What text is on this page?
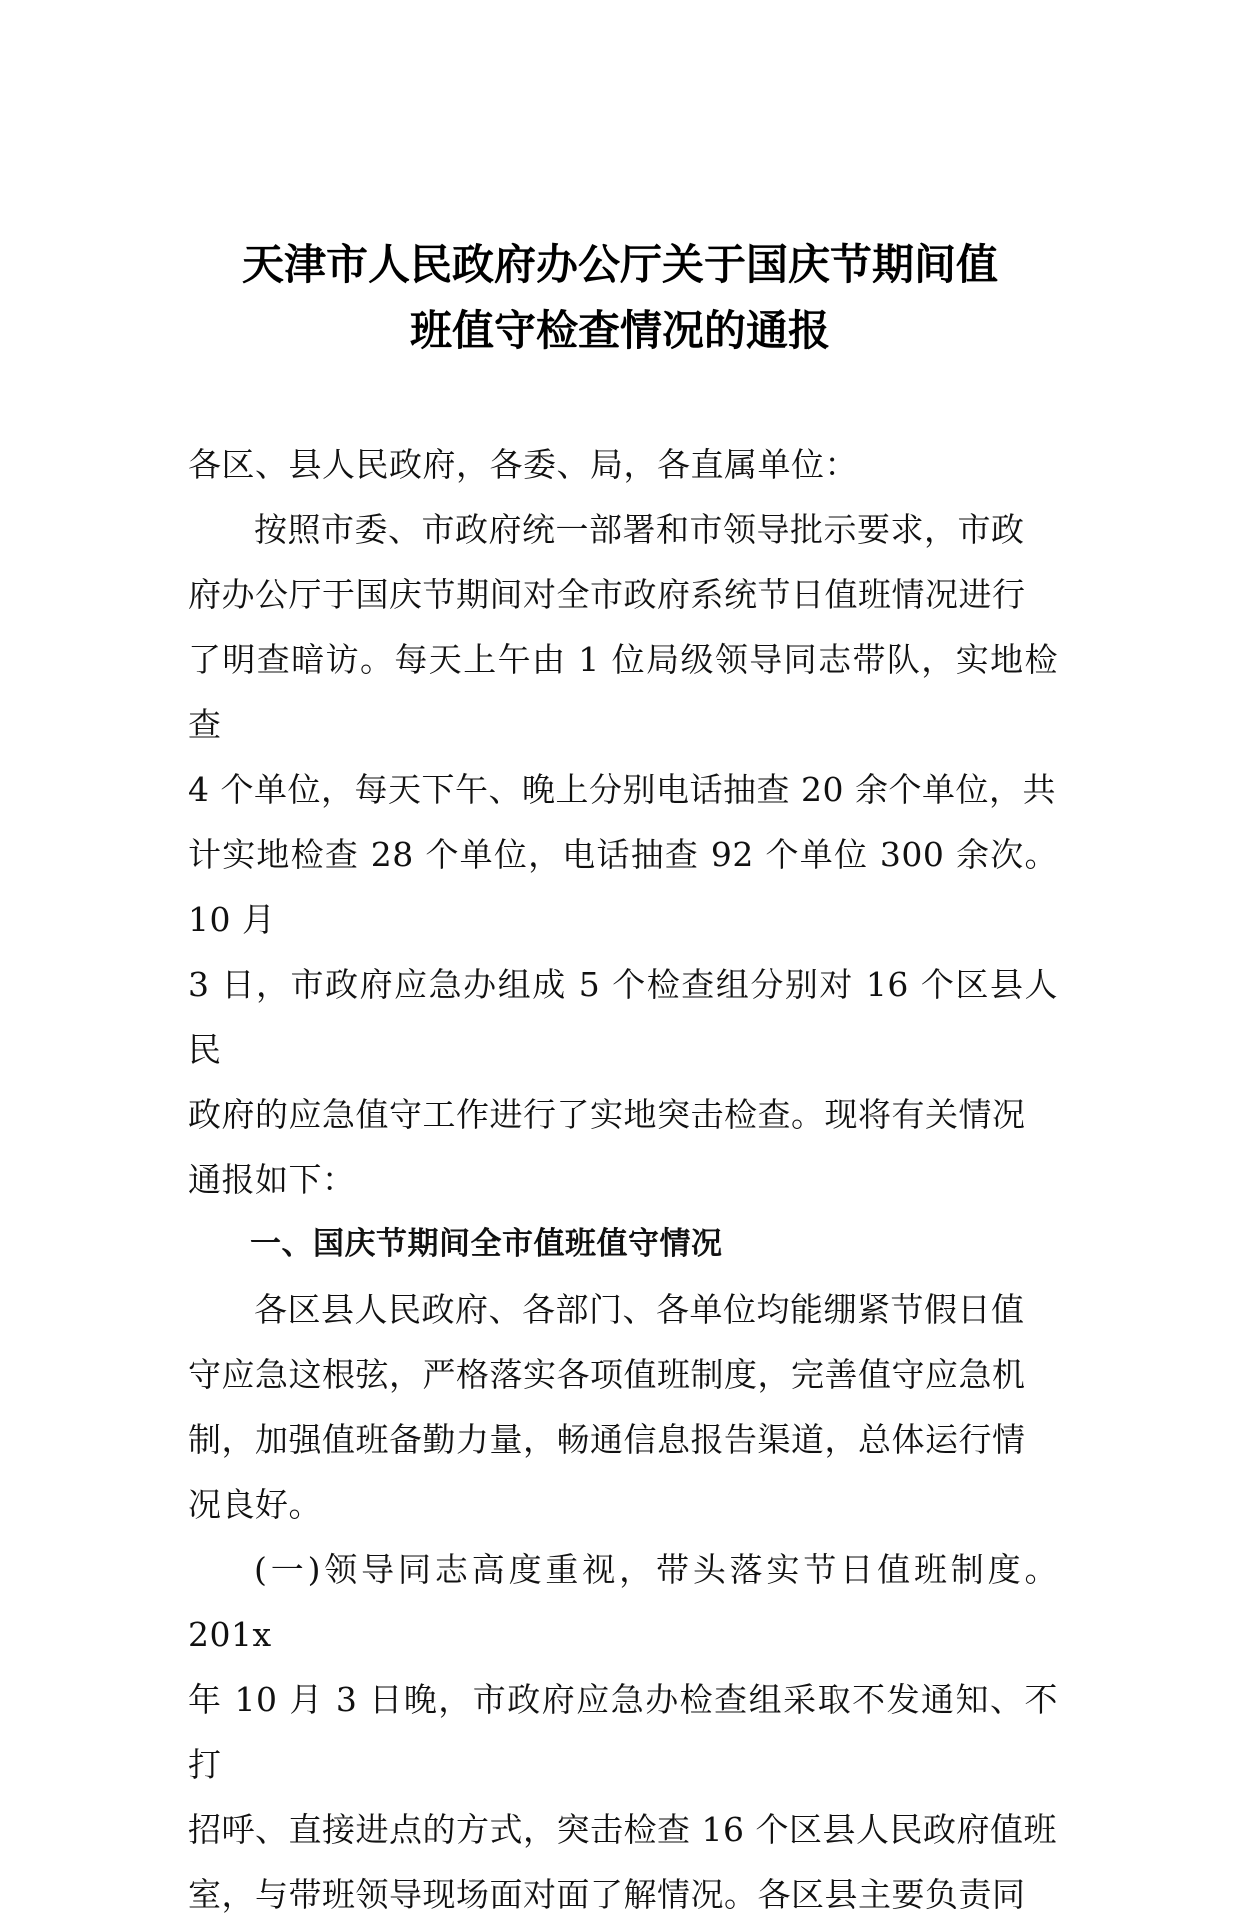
天津市人民政府办公厅关于国庆节期间值
班值守检查情况的通报

各区、县人民政府，各委、局，各直属单位：

按照市委、市政府统一部署和市领导批示要求，市政
府办公厅于国庆节期间对全市政府系统节日值班情况进行
了明查暗访。每天上午由 1 位局级领导同志带队，实地检查
4 个单位，每天下午、晚上分别电话抽查 20 余个单位，共
计实地检查 28 个单位，电话抽查 92 个单位 300 余次。10 月
3 日，市政府应急办组成 5 个检查组分别对 16 个区县人民
政府的应急值守工作进行了实地突击检查。现将有关情况
通报如下：

一、国庆节期间全市值班值守情况

各区县人民政府、各部门、各单位均能绷紧节假日值
守应急这根弦，严格落实各项值班制度，完善值守应急机
制，加强值班备勤力量，畅通信息报告渠道，总体运行情
况良好。

(一)领导同志高度重视，带头落实节日值班制度。201x
年 10 月 3 日晚，市政府应急办检查组采取不发通知、不打
招呼、直接进点的方式，突击检查 16 个区县人民政府值班
室，与带班领导现场面对面了解情况。各区县主要负责同
